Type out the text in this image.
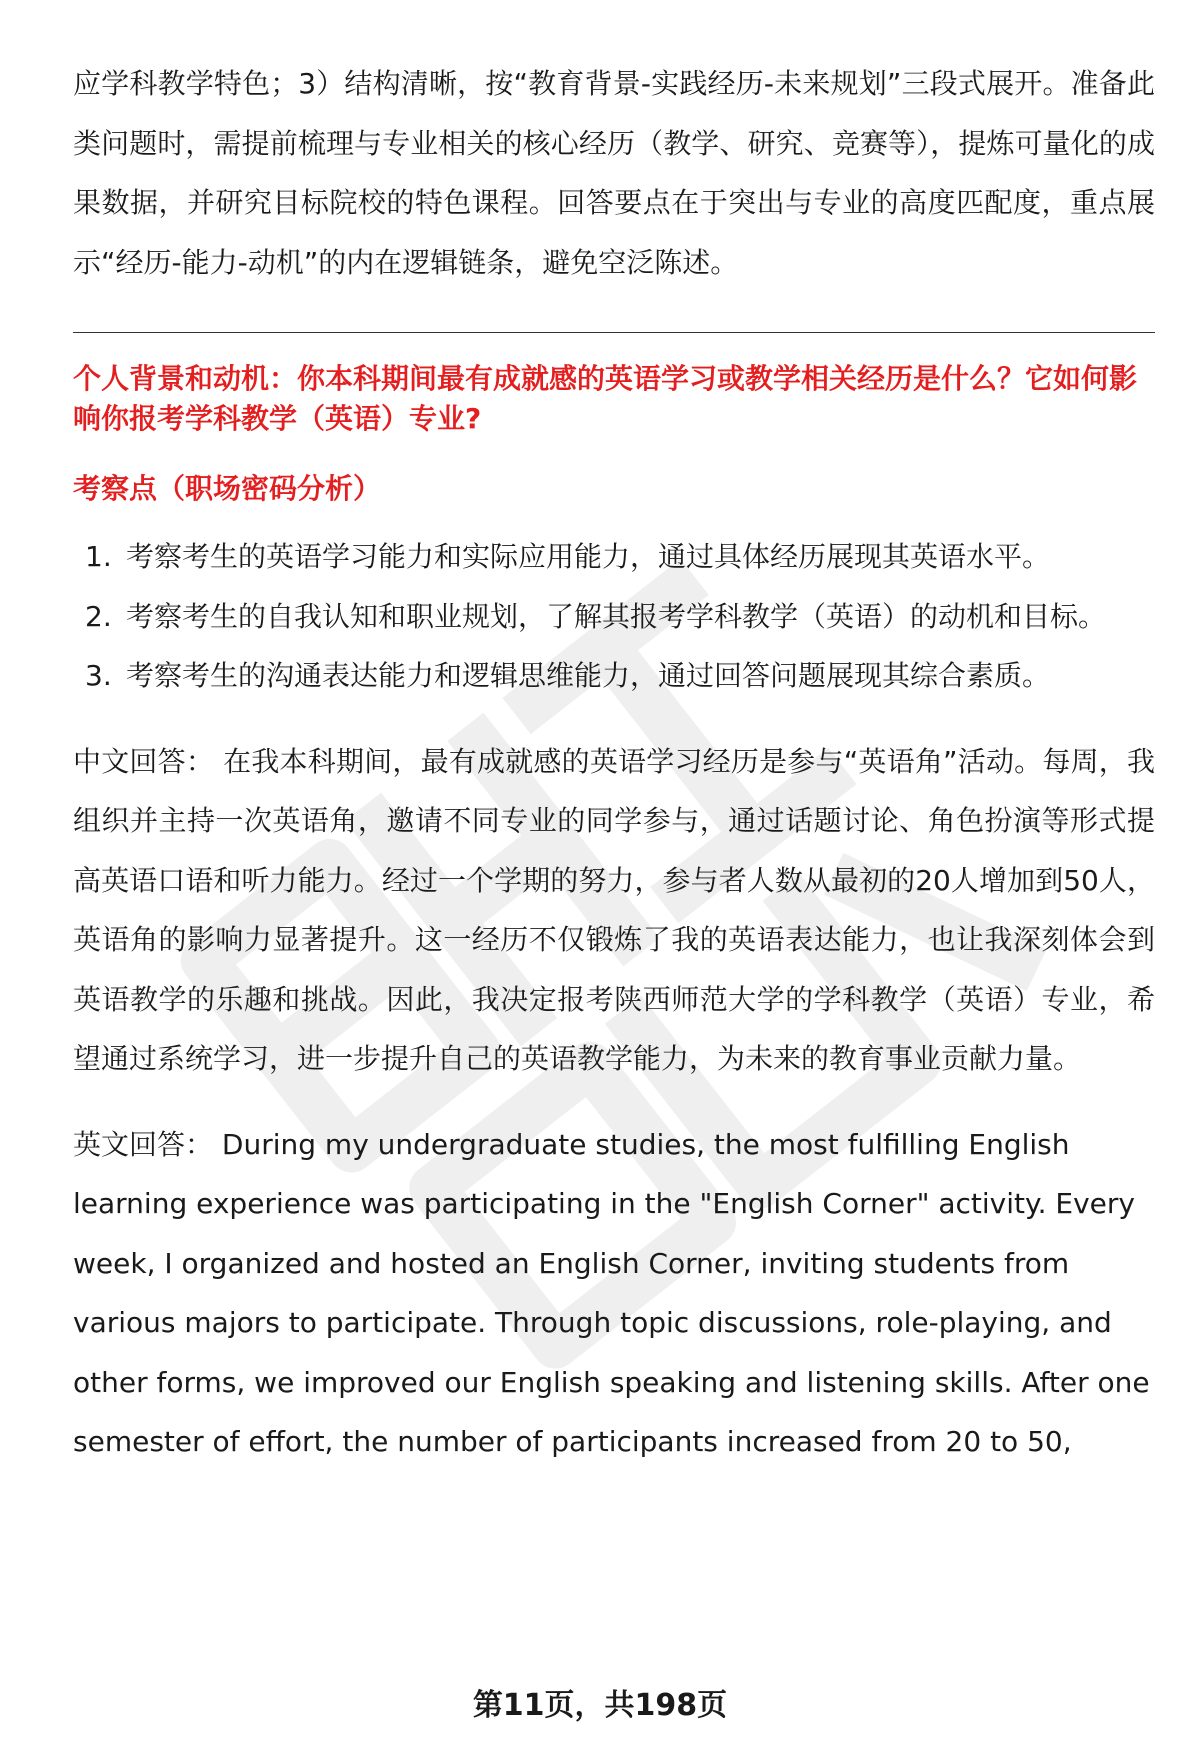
应学科教学特色；3）结构清晰，按“教育背景-实践经历-未来规划”三段式展开。准备此类问题时，需提前梳理与专业相关的核心经历（教学、研究、竞赛等），提炼可量化的成果数据，并研究目标院校的特色课程。回答要点在于突出与专业的高度匹配度，重点展示“经历-能力-动机”的内在逻辑链条，避免空泛陈述。

个人背景和动机：你本科期间最有成就感的英语学习或教学相关经历是什么？它如何影响你报考学科教学（英语）专业?

考察点（职场密码分析）

1. 考察考生的英语学习能力和实际应用能力，通过具体经历展现其英语水平。
2. 考察考生的自我认知和职业规划，了解其报考学科教学（英语）的动机和目标。
3. 考察考生的沟通表达能力和逻辑思维能力，通过回答问题展现其综合素质。

中文回答： 在我本科期间，最有成就感的英语学习经历是参与“英语角”活动。每周，我组织并主持一次英语角，邀请不同专业的同学参与，通过话题讨论、角色扮演等形式提高英语口语和听力能力。经过一个学期的努力，参与者人数从最初的20人增加到50人，英语角的影响力显著提升。这一经历不仅锻炼了我的英语表达能力，也让我深刻体会到英语教学的乐趣和挑战。因此，我决定报考陕西师范大学的学科教学（英语）专业，希望通过系统学习，进一步提升自己的英语教学能力，为未来的教育事业贡献力量。

英文回答： During my undergraduate studies, the most fulfilling English learning experience was participating in the "English Corner" activity. Every week, I organized and hosted an English Corner, inviting students from various majors to participate. Through topic discussions, role-playing, and other forms, we improved our English speaking and listening skills. After one semester of effort, the number of participants increased from 20 to 50,

第11页，共198页
